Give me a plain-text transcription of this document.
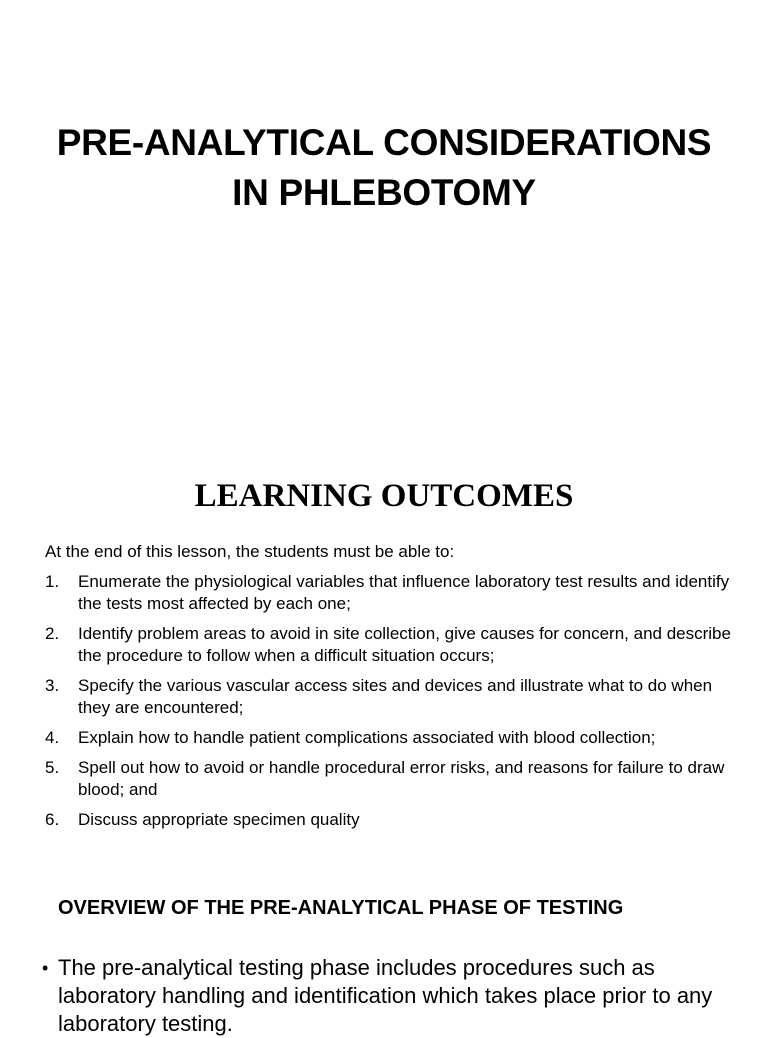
PRE-ANALYTICAL CONSIDERATIONS
IN PHLEBOTOMY
LEARNING OUTCOMES
At the end of this lesson, the students must be able to:
1. Enumerate the physiological variables that influence laboratory test results and identify the tests most affected by each one;
2. Identify problem areas to avoid in site collection, give causes for concern, and describe the procedure to follow when a difficult situation occurs;
3. Specify the various vascular access sites and devices and illustrate what to do when they are encountered;
4. Explain how to handle patient complications associated with blood collection;
5. Spell out how to avoid or handle procedural error risks, and reasons for failure to draw blood; and
6. Discuss appropriate specimen quality
OVERVIEW OF THE PRE-ANALYTICAL PHASE OF TESTING
• The pre-analytical testing phase includes procedures such as laboratory handling and identification which takes place prior to any laboratory testing.
